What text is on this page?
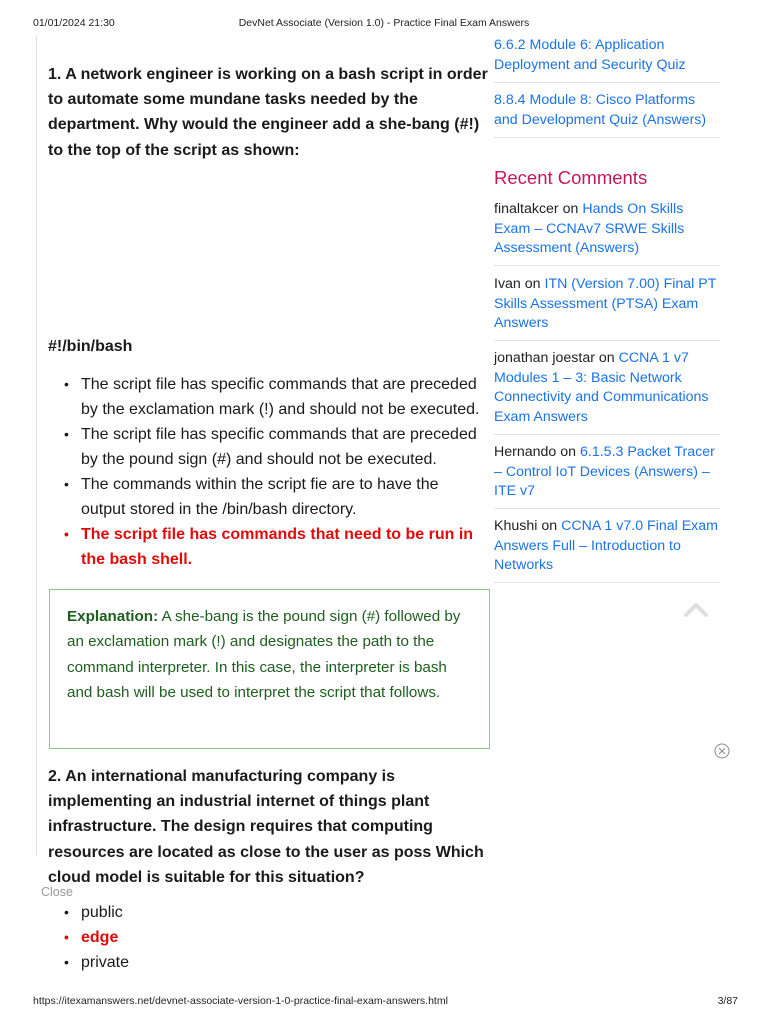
01/01/2024 21:30	DevNet Associate (Version 1.0) - Practice Final Exam Answers
1. A network engineer is working on a bash script in order to automate some mundane tasks needed by the department. Why would the engineer add a she-bang (#!) to the top of the script as shown:
#!/bin/bash
• The script file has specific commands that are preceded by the exclamation mark (!) and should not be executed.
• The script file has specific commands that are preceded by the pound sign (#) and should not be executed.
• The commands within the script fie are to have the output stored in the /bin/bash directory.
• The script file has commands that need to be run in the bash shell.
Explanation: A she-bang is the pound sign (#) followed by an exclamation mark (!) and designates the path to the command interpreter. In this case, the interpreter is bash and bash will be used to interpret the script that follows.
2. An international manufacturing company is implementing an industrial internet of things plant infrastructure. The design requires that computing resources are located as close to the user as poss Which cloud model is suitable for this situation?
Close
• public
• edge
• private
6.6.2 Module 6: Application Deployment and Security Quiz
8.8.4 Module 8: Cisco Platforms and Development Quiz (Answers)
Recent Comments
finaltakcer on Hands On Skills Exam – CCNAv7 SRWE Skills Assessment (Answers)
Ivan on ITN (Version 7.00) Final PT Skills Assessment (PTSA) Exam Answers
jonathan joestar on CCNA 1 v7 Modules 1 – 3: Basic Network Connectivity and Communications Exam Answers
Hernando on 6.1.5.3 Packet Tracer – Control IoT Devices (Answers) – ITE v7
Khushi on CCNA 1 v7.0 Final Exam Answers Full – Introduction to Networks
https://itexamanswers.net/devnet-associate-version-1-0-practice-final-exam-answers.html	3/87
